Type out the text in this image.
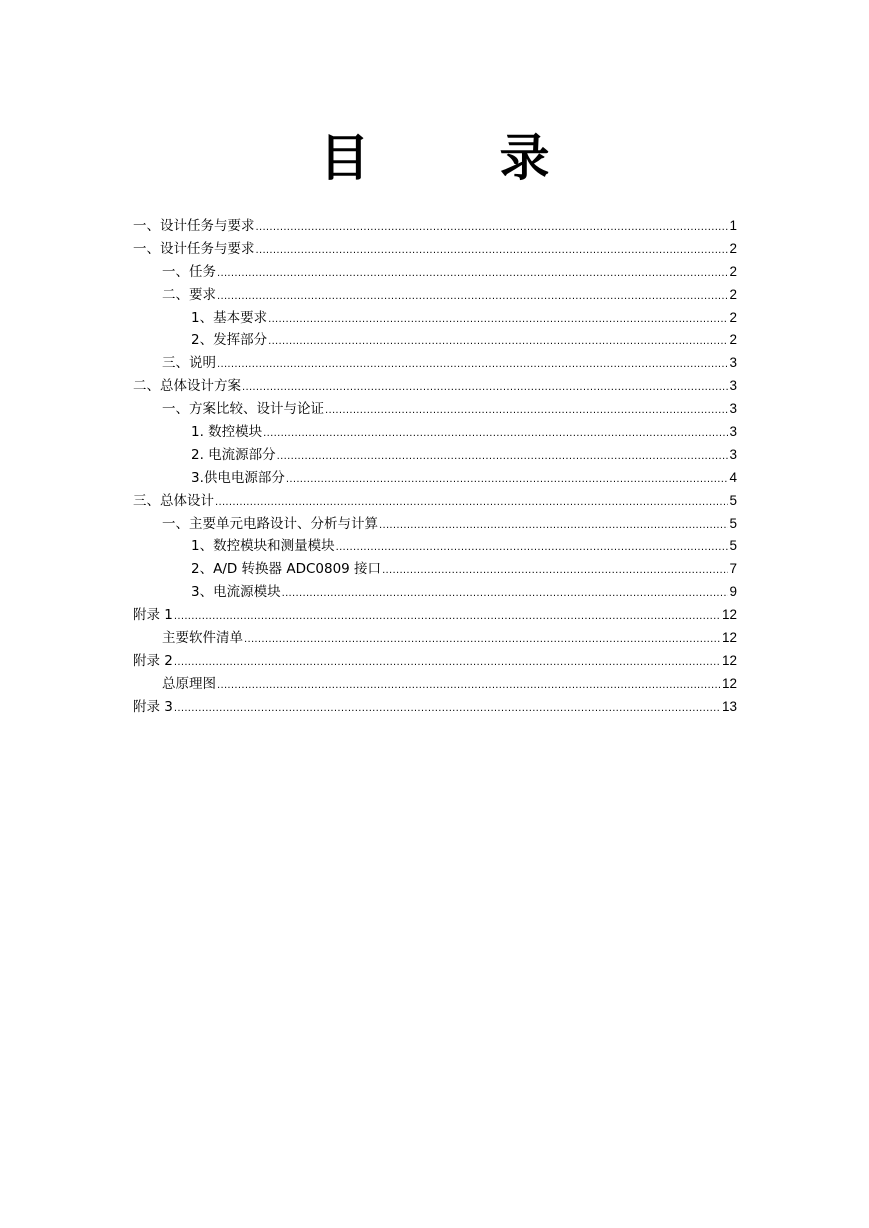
目	录
一、设计任务与要求 .....	1
一、设计任务与要求 .....	2
一、任务 .....	2
二、要求 .....	2
1、基本要求 .....	2
2、发挥部分 .....	2
三、说明 .....	3
二、总体设计方案 .....	3
一、方案比较、设计与论证 .....	3
1. 数控模块 .....	3
2. 电流源部分 .....	3
3.供电电源部分 .....	4
三、总体设计 .....	5
一、主要单元电路设计、分析与计算 .....	5
1、数控模块和测量模块 .....	5
2、A/D 转换器 ADC0809 接口 .....	7
3、电流源模块 .....	9
附录 1 .....	12
主要软件清单 .....	12
附录 2 .....	12
总原理图 .....	12
附录 3 .....	13
